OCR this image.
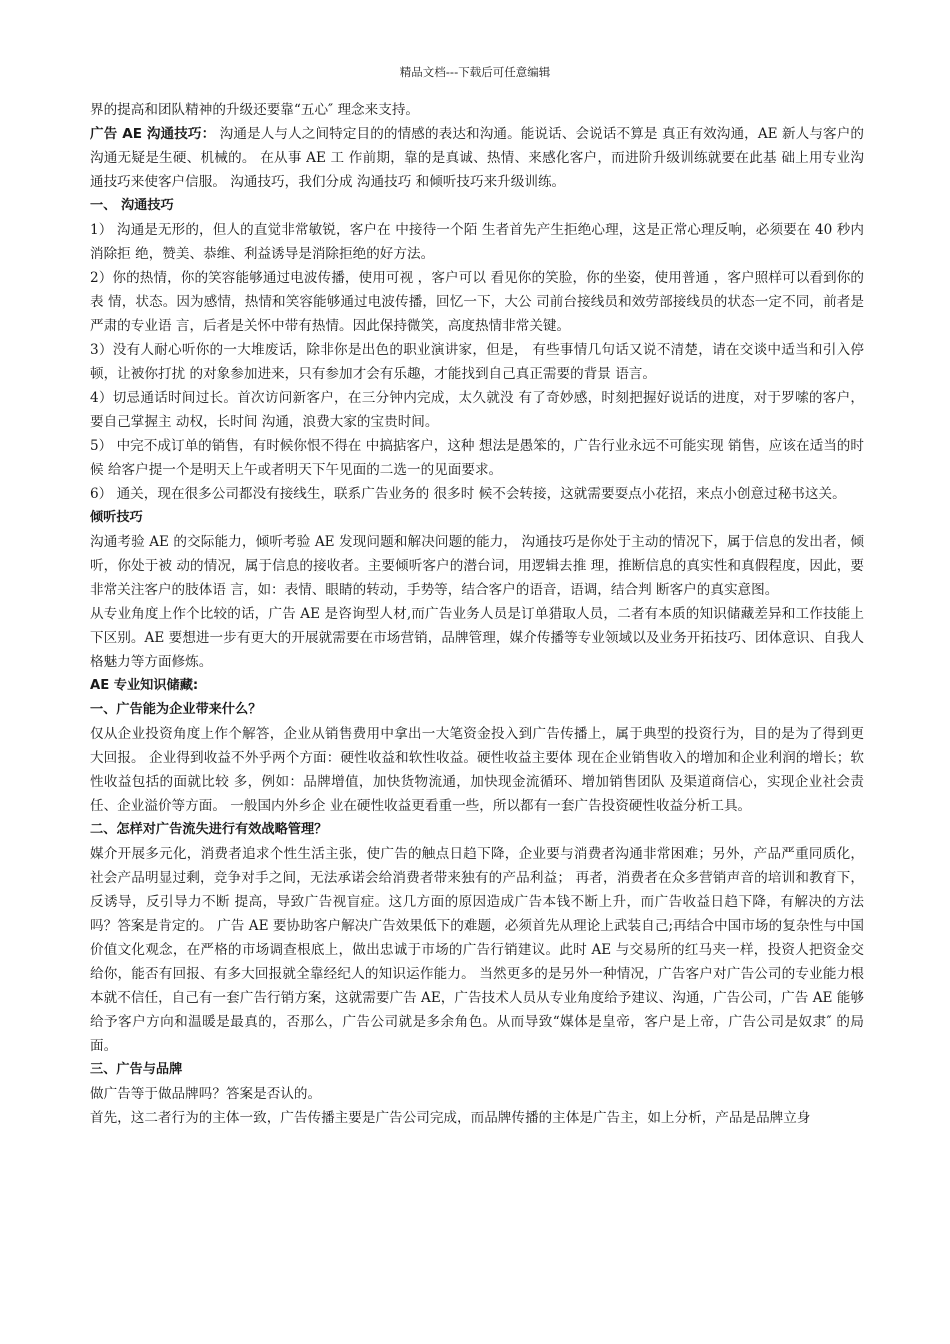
精品文档---下载后可任意编辑

界的提高和团队精神的升级还要靠“五心″ 理念来支持。

广告 AE 沟通技巧： 沟通是人与人之间特定目的的情感的表达和沟通。能说话、会说话不算是 真正有效沟通，AE 新人与客户的沟通无疑是生硬、机械的。 在从事 AE 工 作前期，靠的是真诚、热情、来感化客户，而进阶升级训练就要在此基 础上用专业沟通技巧来使客户信服。 沟通技巧，我们分成 沟通技巧 和倾听技巧来升级训练。

一、 沟通技巧

1） 沟通是无形的，但人的直觉非常敏锐，客户在 中接待一个陌 生者首先产生拒绝心理，这是正常心理反响，必须要在 40 秒内消除拒 绝，赞美、恭维、利益诱导是消除拒绝的好方法。

2）你的热情，你的笑容能够通过电波传播，使用可视 ，客户可以 看见你的笑脸，你的坐姿，使用普通 ，客户照样可以看到你的表 情，状态。因为感情，热情和笑容能够通过电波传播，回忆一下，大公 司前台接线员和效劳部接线员的状态一定不同，前者是严肃的专业语 言，后者是关怀中带有热情。因此保持微笑，高度热情非常关键。

3）没有人耐心听你的一大堆废话，除非你是出色的职业演讲家，但是， 有些事情几句话又说不清楚，请在交谈中适当和引入停顿，让被你打扰 的对象参加进来，只有参加才会有乐趣，才能找到自己真正需要的背景 语言。

4）切忌通话时间过长。首次访问新客户，在三分钟内完成，太久就没 有了奇妙感，时刻把握好说话的进度，对于罗嗦的客户，要自己掌握主 动权，长时间 沟通，浪费大家的宝贵时间。

5） 中完不成订单的销售，有时候你恨不得在 中搞掂客户，这种 想法是愚笨的，广告行业永远不可能实现 销售，应该在适当的时候 给客户提一个是明天上午或者明天下午见面的二选一的见面要求。

6） 通关，现在很多公司都没有接线生，联系广告业务的 很多时 候不会转接，这就需要耍点小花招，来点小创意过秘书这关。

倾听技巧

沟通考验 AE 的交际能力，倾听考验 AE 发现问题和解决问题的能力， 沟通技巧是你处于主动的情况下，属于信息的发出者，倾听，你处于被 动的情况，属于信息的接收者。主要倾听客户的潜台词，用逻辑去推 理，推断信息的真实性和真假程度，因此，要非常关注客户的肢体语 言，如：表情、眼睛的转动，手势等，结合客户的语音，语调，结合判 断客户的真实意图。

从专业角度上作个比较的话，广告 AE 是咨询型人材,而广告业务人员是订单猎取人员，二者有本质的知识储藏差异和工作技能上下区别。AE 要想进一步有更大的开展就需要在市场营销，品牌管理，媒介传播等专业领域以及业务开拓技巧、团体意识、自我人格魅力等方面修炼。

AE 专业知识储藏:

一、广告能为企业带来什么？

仅从企业投资角度上作个解答，企业从销售费用中拿出一大笔资金投入到广告传播上，属于典型的投资行为，目的是为了得到更大回报。 企业得到收益不外乎两个方面：硬性收益和软性收益。硬性收益主要体 现在企业销售收入的增加和企业利润的增长；软性收益包括的面就比较 多，例如：品牌增值，加快货物流通，加快现金流循环、增加销售团队 及渠道商信心，实现企业社会责任、企业溢价等方面。 一般国内外乡企 业在硬性收益更看重一些，所以都有一套广告投资硬性收益分析工具。

二、怎样对广告流失进行有效战略管理？

媒介开展多元化，消费者追求个性生活主张，使广告的触点日趋下降，企业要与消费者沟通非常困难；另外，产品严重同质化，社会产品明显过剩，竞争对手之间，无法承诺会给消费者带来独有的产品利益； 再者，消费者在众多营销声音的培训和教育下，反诱导，反引导力不断 提高，导致广告视盲症。这几方面的原因造成广告本钱不断上升，而广告收益日趋下降，有解决的方法吗？答案是肯定的。 广告 AE 要协助客户解决广告效果低下的难题，必须首先从理论上武装自己;再结合中国市场的复杂性与中国价值文化观念，在严格的市场调查根底上，做出忠诚于市场的广告行销建议。此时 AE 与交易所的红马夹一样，投资人把资金交给你，能否有回报、有多大回报就全靠经纪人的知识运作能力。 当然更多的是另外一种情况，广告客户对广告公司的专业能力根本就不信任，自己有一套广告行销方案，这就需要广告 AE，广告技术人员从专业角度给予建议、沟通，广告公司，广告 AE 能够给予客户方向和温暖是最真的，否那么，广告公司就是多余角色。从而导致“媒体是皇帝，客户是上帝，广告公司是奴隶″ 的局面。

三、广告与品牌

做广告等于做品牌吗？答案是否认的。

首先，这二者行为的主体一致，广告传播主要是广告公司完成，而品牌传播的主体是广告主，如上分析，产品是品牌立身
